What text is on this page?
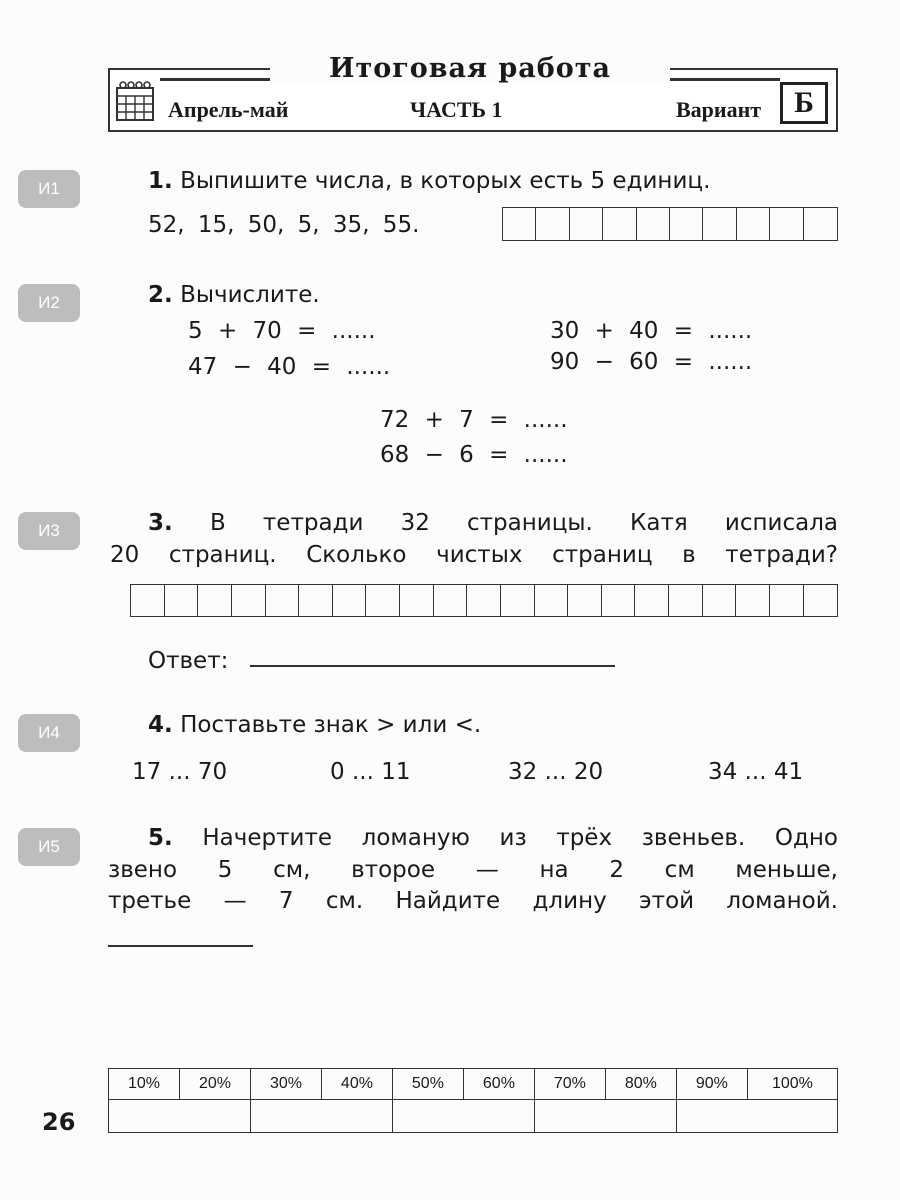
Итоговая работа
Апрель-май	ЧАСТЬ 1	Вариант	Б
И1
И2
И3
И4
И5
1. Выпишите числа, в которых есть 5 единиц.
52, 15, 50, 5, 35, 55.
2. Вычислите.
5 + 70 = ......
47 − 40 = ......
30 + 40 = ......
90 − 60 = ......
72 + 7 = ......
68 − 6 = ......
3. В тетради 32 страницы. Катя исписала
20 страниц. Сколько чистых страниц в тетради?
Ответ:
4. Поставьте знак > или <.
17 ... 70	0 ... 11	32 ... 20	34 ... 41
5. Начертите ломаную из трёх звеньев. Одно
звено 5 см, второе — на 2 см меньше,
третье — 7 см. Найдите длину этой ломаной.
10%	20%	30%	40%	50%	60%	70%	80%	90%	100%

26
